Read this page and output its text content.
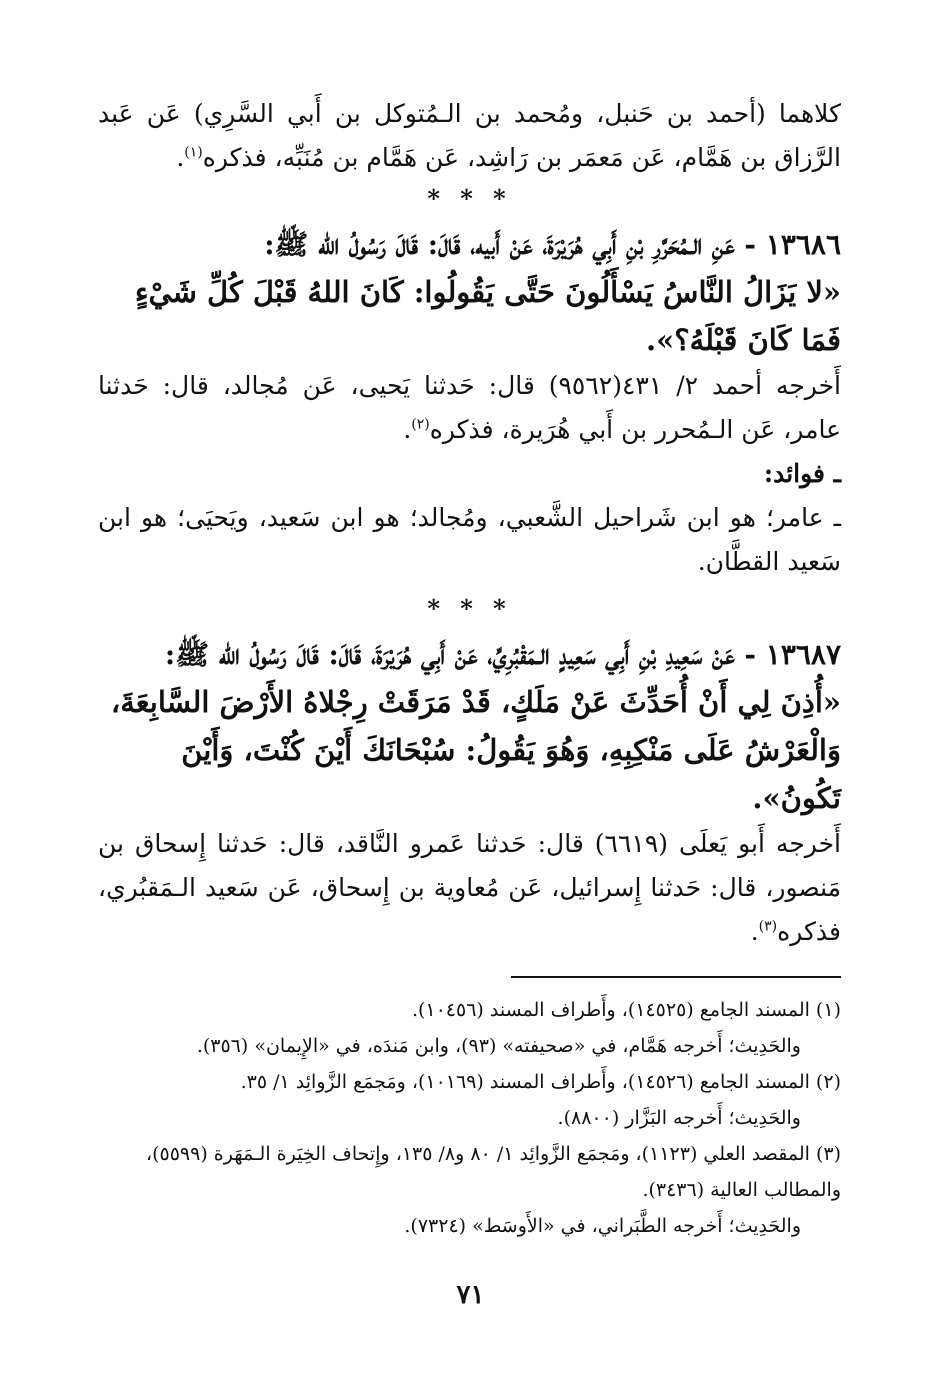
كلاهما (أحمد بن حَنبل، ومُحمد بن الـمُتوكل بن أَبي السَّرِي) عَن عَبد الرَّزاق بن هَمَّام، عَن مَعمَر بن رَاشِد، عَن هَمَّام بن مُنَبِّه، فذكره$^{(١)}$.

* * *

١٣٦٨٦ - عَنِ الـمُحَرَّرِ بْنِ أَبِي هُرَيْرَةَ، عَنْ أَبيه، قَالَ: قَالَ رَسُولُ الله ﷺ:

«لا يَزَالُ النَّاسُ يَسْأَلُونَ حَتَّى يَقُولُوا: كَانَ اللهُ قَبْلَ كُلِّ شَيْءٍ فَمَا كَانَ قَبْلَهُ؟».

أَخرجه أحمد ٢/ ٤٣١(٩٥٦٢) قال: حَدثنا يَحيى، عَن مُجالد، قال: حَدثنا عامر، عَن الـمُحرر بن أَبي هُرَيرة، فذكره$^{(٢)}$.

ـ فوائد:

ـ عامر؛ هو ابن شَراحيل الشَّعبي، ومُجالد؛ هو ابن سَعيد، ويَحيَى؛ هو ابن سَعيد القطَّان.

* * *

١٣٦٨٧ - عَنْ سَعِيدِ بْنِ أَبِي سَعِيدٍ الـمَقْبُرِيِّ، عَنْ أَبِي هُرَيْرَةَ، قَالَ: قَالَ رَسُولُ الله ﷺ:

«أُذِنَ لِي أَنْ أُحَدِّثَ عَنْ مَلَكٍ، قَدْ مَرَقَتْ رِجْلاهُ الأَرْضَ السَّابِعَةَ، وَالْعَرْشُ عَلَى مَنْكِبِهِ، وَهُوَ يَقُولُ: سُبْحَانَكَ أَيْنَ كُنْتَ، وَأَيْنَ تَكُونُ».

أَخرجه أَبو يَعلَى (٦٦١٩) قال: حَدثنا عَمرو النَّاقد، قال: حَدثنا إِسحاق بن مَنصور، قال: حَدثنا إِسرائيل، عَن مُعاوية بن إِسحاق، عَن سَعيد الـمَقبُري، فذكره$^{(٣)}$.

(١) المسند الجامع (١٤٥٢٥)، وأَطراف المسند (١٠٤٥٦).

والحَدِيث؛ أَخرجه هَمَّام، في «صحيفته» (٩٣)، وابن مَندَه، في «الإِيمان» (٣٥٦).

(٢) المسند الجامع (١٤٥٢٦)، وأَطراف المسند (١٠١٦٩)، ومَجمَع الزَّوائِد ١/ ٣٥.

والحَدِيث؛ أَخرجه البَزَّار (٨٨٠٠).

(٣) المقصد العلي (١١٢٣)، ومَجمَع الزَّوائِد ١/ ٨٠ و٨/ ١٣٥، وإِتحاف الخِيَرة الـمَهَرة (٥٥٩٩)، والمطالب العالية (٣٤٣٦).

والحَدِيث؛ أَخرجه الطَّبَراني، في «الأَوسَط» (٧٣٢٤).

٧١
